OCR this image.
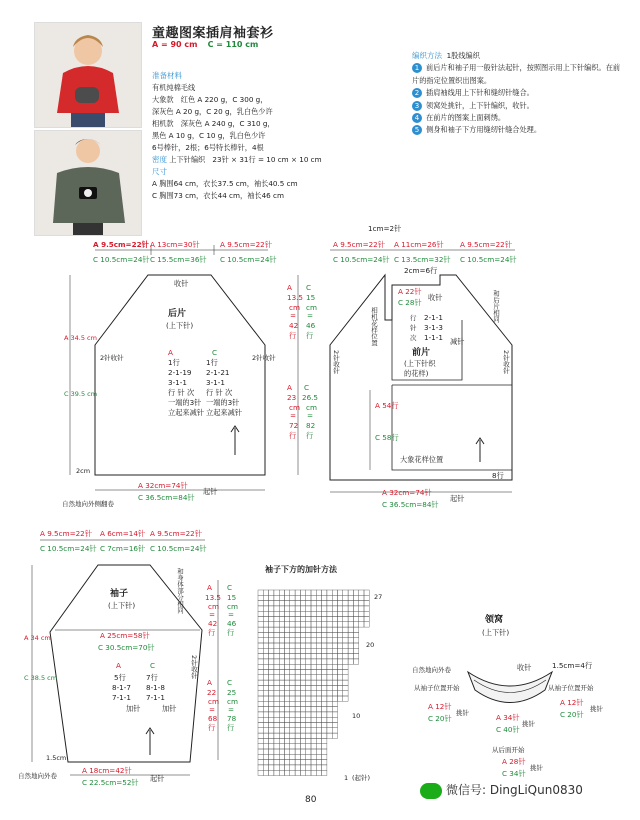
童趣图案插肩袖套衫
A = 90 cm C = 110 cm
准备材料
有机纯棉毛线
大象款　红色 A 220 g，C 300 g，
深灰色 A 20 g，C 20 g，乳白色少许
相机款　深灰色 A 240 g，C 310 g，
黑色 A 10 g，C 10 g，乳白色少许
6号棒针，2根；6号特长棒针，4根
密度 上下针编织　23针 × 31行 = 10 cm × 10 cm
尺寸
A 胸围64 cm，衣长37.5 cm，袖长40.5 cm
C 胸围73 cm，衣长44 cm，袖长46 cm
编织方法 1股线编织
1 前后片和袖子用一般针法起针，按照图示用上下针编织。在前片的指定位置织出图案。
2 插肩袖线用上下针和缝纫针缝合。
3 领窝处挑针，上下针编织，收针。
4 在前片的图案上面刺绣。
5 侧身和袖子下方用缝纫针缝合处理。
A 9.5cm=22针
C 10.5cm=24针
A 13cm=30针
C 15.5cm=36针
A 9.5cm=22针
C 10.5cm=24针
收针
后片
(上下针)
A 34.5 cm
C 39.5 cm
2针收针	2针收针
A
1行
2-1-19
3-1-1
行 针 次
一端的3针
立起来减针
C
1行
2-1-21
3-1-1
行 针 次
一端的3针
立起来减针
2cm
自然地向外侧翻卷
A 32cm=74针
C 36.5cm=84针
起针
A
13.5
cm
=
42
行
C
15
cm
=
46
行
A
23
cm
=
72
行
C
26.5
cm
=
82
行
1cm=2针
A 9.5cm=22针
C 10.5cm=24针
A 11cm=26针
C 13.5cm=32针
A 9.5cm=22针
C 10.5cm=24针
2cm=6行
A 22针
C 28针
收针
2-1-1
3-1-3
1-1-1 减针
行
针
次
和后片相同
相机花样位置
前片
(上下针织
的花样)
2针收针	2针收针
A 54行
C 58行
大象花样位置
8行
A 32cm=74针
C 36.5cm=84针
起针
A 9.5cm=22针
C 10.5cm=24针
A 6cm=14针
C 7cm=16针
A 9.5cm=22针
C 10.5cm=24针
袖子
(上下针)	和身体部分相同
A 25cm=58针
C 30.5cm=70针
A 34 cm
C 38.5 cm
A
5行
8-1-7
7-1-1
加针
C
7行
8-1-8
7-1-1
加针
2针收针
A
13.5
cm
=
42
行
C
15
cm
=
46
行
A
22
cm
=
68
行
C
25
cm
=
78
行
1.5cm
自然地向外卷
A 18cm=42针
C 22.5cm=52针 起针
袖子下方的加针方法
27
20
10
1 (起针)
领窝
(上下针)
收针	1.5cm=4行
自然地向外卷
从袖子位置开始	从袖子位置开始
A 12针
C 20针
挑针
A 12针
C 20针
挑针
A 34针
C 40针
挑针
从后面开始
A 28针
C 34针
挑针
80
微信号: DingLiQun0830
